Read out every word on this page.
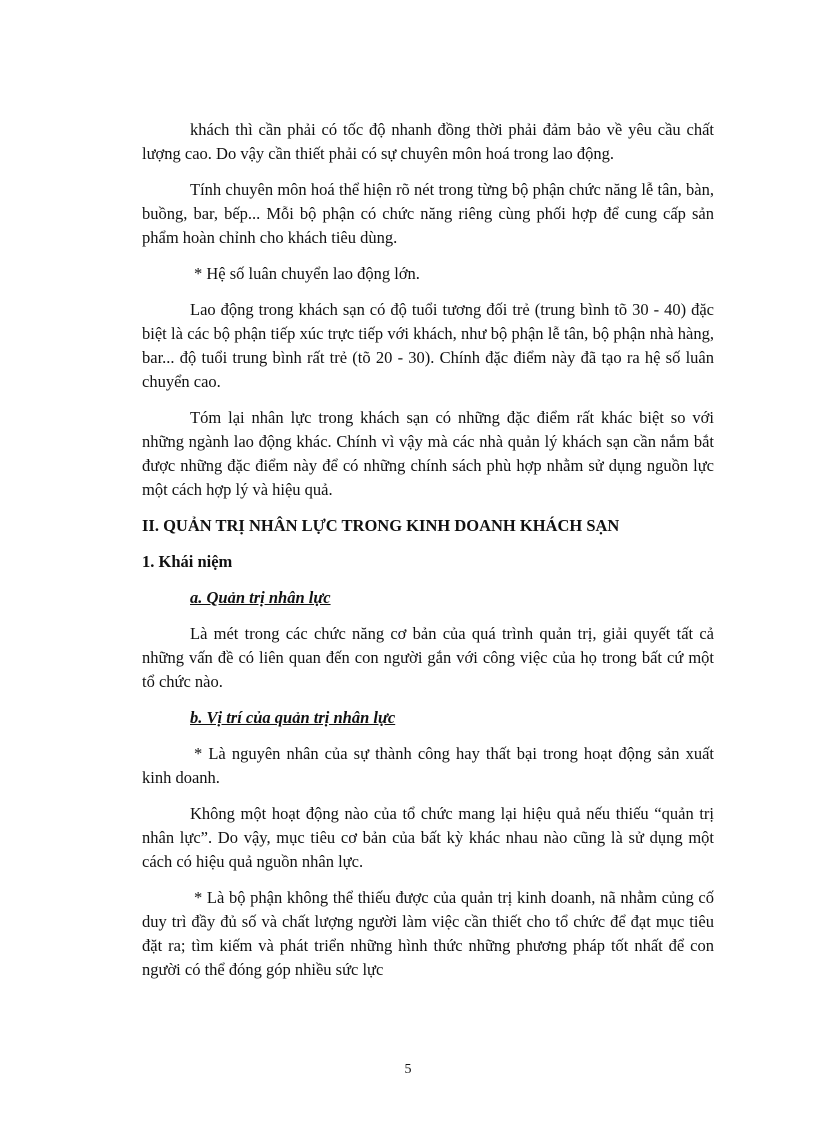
khách thì cần phải có tốc độ nhanh đồng thời phải đảm bảo về yêu cầu chất lượng cao. Do vậy cần thiết phải có sự chuyên môn hoá trong lao động.

Tính chuyên môn hoá thể hiện rõ nét trong từng bộ phận chức năng lễ tân, bàn, buồng, bar, bếp... Mỗi bộ phận có chức năng riêng cùng phối hợp để cung cấp sản phẩm hoàn chỉnh cho khách tiêu dùng.

* Hệ số luân chuyển lao động lớn.

Lao động trong khách sạn có độ tuổi tương đối trẻ (trung bình tõ 30 - 40) đặc biệt là các bộ phận tiếp xúc trực tiếp với khách, như bộ phận lễ tân, bộ phận nhà hàng, bar... độ tuổi trung bình rất trẻ (tõ 20 - 30). Chính đặc điểm này đã tạo ra hệ số luân chuyển cao.

Tóm lại nhân lực trong khách sạn có những đặc điểm rất khác biệt so với những ngành lao động khác. Chính vì vậy mà các nhà quản lý khách sạn cần nắm bắt được những đặc điểm này để có những chính sách phù hợp nhằm sử dụng nguồn lực một cách hợp lý và hiệu quả.

II. QUẢN TRỊ NHÂN LỰC TRONG KINH DOANH KHÁCH SẠN
1. Khái niệm
a. Quản trị nhân lực

Là mét trong các chức năng cơ bản của quá trình quản trị, giải quyết tất cả những vấn đề có liên quan đến con người gắn với công việc của họ trong bất cứ một tổ chức nào.

b. Vị trí của quản trị nhân lực

* Là nguyên nhân của sự thành công hay thất bại trong hoạt động sản xuất kinh doanh.

Không một hoạt động nào của tổ chức mang lại hiệu quả nếu thiếu “quản trị nhân lực”. Do vậy, mục tiêu cơ bản của bất kỳ khác nhau nào cũng là sử dụng một cách có hiệu quả nguồn nhân lực.

* Là bộ phận không thể thiếu được của quản trị kinh doanh, nã nhằm củng cố duy trì đầy đủ số và chất lượng người làm việc cần thiết cho tổ chức để đạt mục tiêu đặt ra; tìm kiếm và phát triển những hình thức những phương pháp tốt nhất để con người có thể đóng góp nhiều sức lực

5
